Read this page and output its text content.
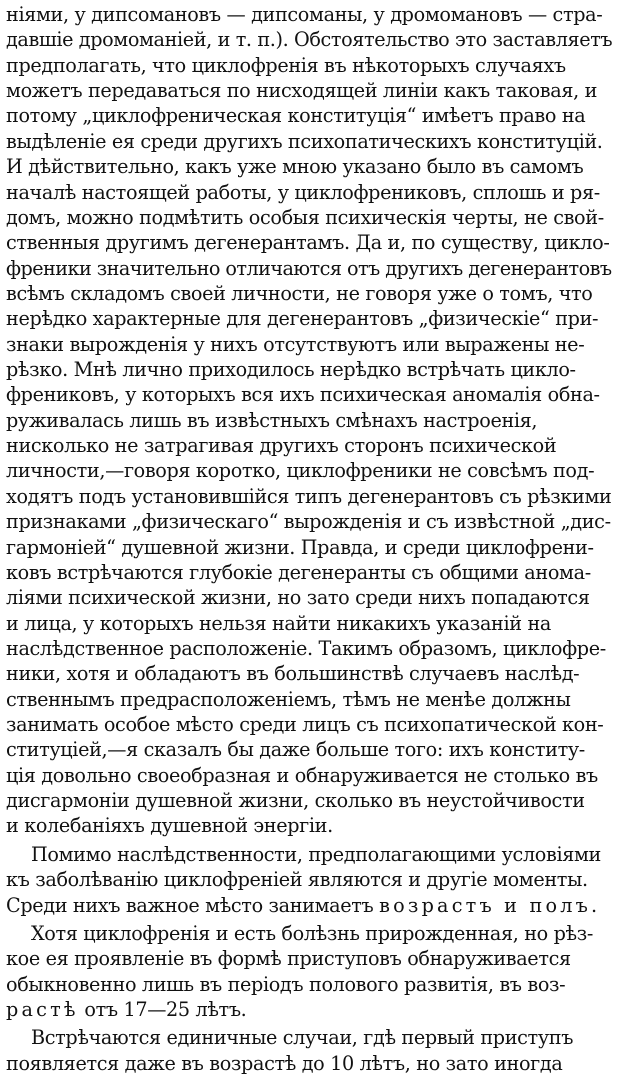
ніями, у дипсомановъ — дипсоманы, у дромомановъ — стра-
давшіе дромоманіей, и т. п.). Обстоятельство это заставляетъ
предполагать, что циклофренія въ нѣкоторыхъ случаяхъ
можетъ передаваться по нисходящей линіи какъ таковая, и
потому „циклофреническая конституція“ имѣетъ право на
выдѣленіе ея среди другихъ психопатическихъ конституцій.
И дѣйствительно, какъ уже мною указано было въ самомъ
началѣ настоящей работы, у циклофрениковъ, сплошь и ря-
домъ, можно подмѣтить особыя психическія черты, не свой-
ственныя другимъ дегенерантамъ. Да и, по существу, цикло-
френики значительно отличаются отъ другихъ дегенерантовъ
всѣмъ складомъ своей личности, не говоря уже о томъ, что
нерѣдко характерные для дегенерантовъ „физическіе“ при-
знаки вырожденія у нихъ отсутствуютъ или выражены не-
рѣзко. Мнѣ лично приходилось нерѣдко встрѣчать цикло-
френиковъ, у которыхъ вся ихъ психическая аномалія обна-
руживалась лишь въ извѣстныхъ смѣнахъ настроенія,
нисколько не затрагивая другихъ сторонъ психической
личности,—говоря коротко, циклофреники не совсѣмъ под-
ходятъ подъ установившійся типъ дегенерантовъ съ рѣзкими
признаками „физическаго“ вырожденія и съ извѣстной „дис-
гармоніей“ душевной жизни. Правда, и среди циклофрени-
ковъ встрѣчаются глубокіе дегенеранты съ общими анома-
ліями психической жизни, но зато среди нихъ попадаются
и лица, у которыхъ нельзя найти никакихъ указаній на
наслѣдственное расположеніе. Такимъ образомъ, циклофре-
ники, хотя и обладаютъ въ большинствѣ случаевъ наслѣд-
ственнымъ предрасположеніемъ, тѣмъ не менѣе должны
занимать особое мѣсто среди лицъ съ психопатической кон-
ституціей,—я сказалъ бы даже больше того: ихъ конститу-
ція довольно своеобразная и обнаруживается не столько въ
дисгармоніи душевной жизни, сколько въ неустойчивости
и колебаніяхъ душевной энергіи.
Помимо наслѣдственности, предполагающими условіями
къ заболѣванію циклофреніей являются и другіе моменты.
Среди нихъ важное мѣсто занимаетъ возрастъ и полъ.
Хотя циклофренія и есть болѣзнь прирожденная, но рѣз-
кое ея проявленіе въ формѣ приступовъ обнаруживается
обыкновенно лишь въ періодъ полового развитія, въ воз-
растѣ отъ 17—25 лѣтъ.
Встрѣчаются единичные случаи, гдѣ первый приступъ
появляется даже въ возрастѣ до 10 лѣтъ, но зато иногда
